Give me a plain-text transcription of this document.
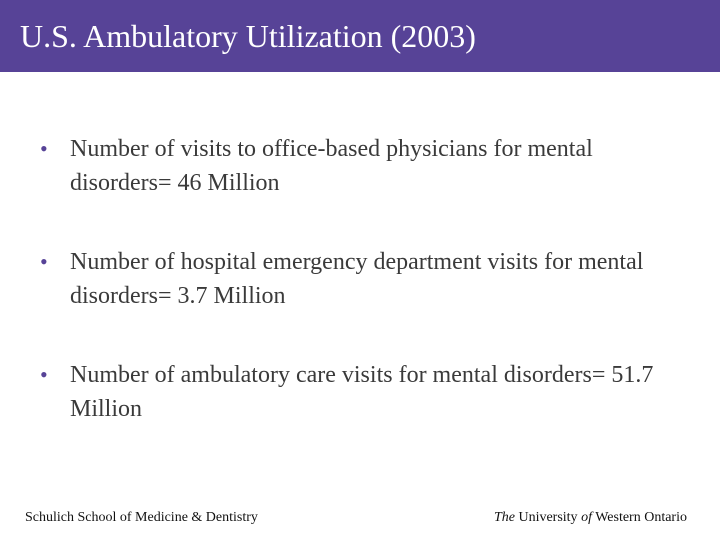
U.S. Ambulatory Utilization (2003)
• Number of visits to office-based physicians for mental disorders= 46 Million
• Number of hospital emergency department visits for mental disorders= 3.7 Million
• Number of ambulatory care visits for mental disorders= 51.7 Million
Schulich School of Medicine & Dentistry	The University of Western Ontario
